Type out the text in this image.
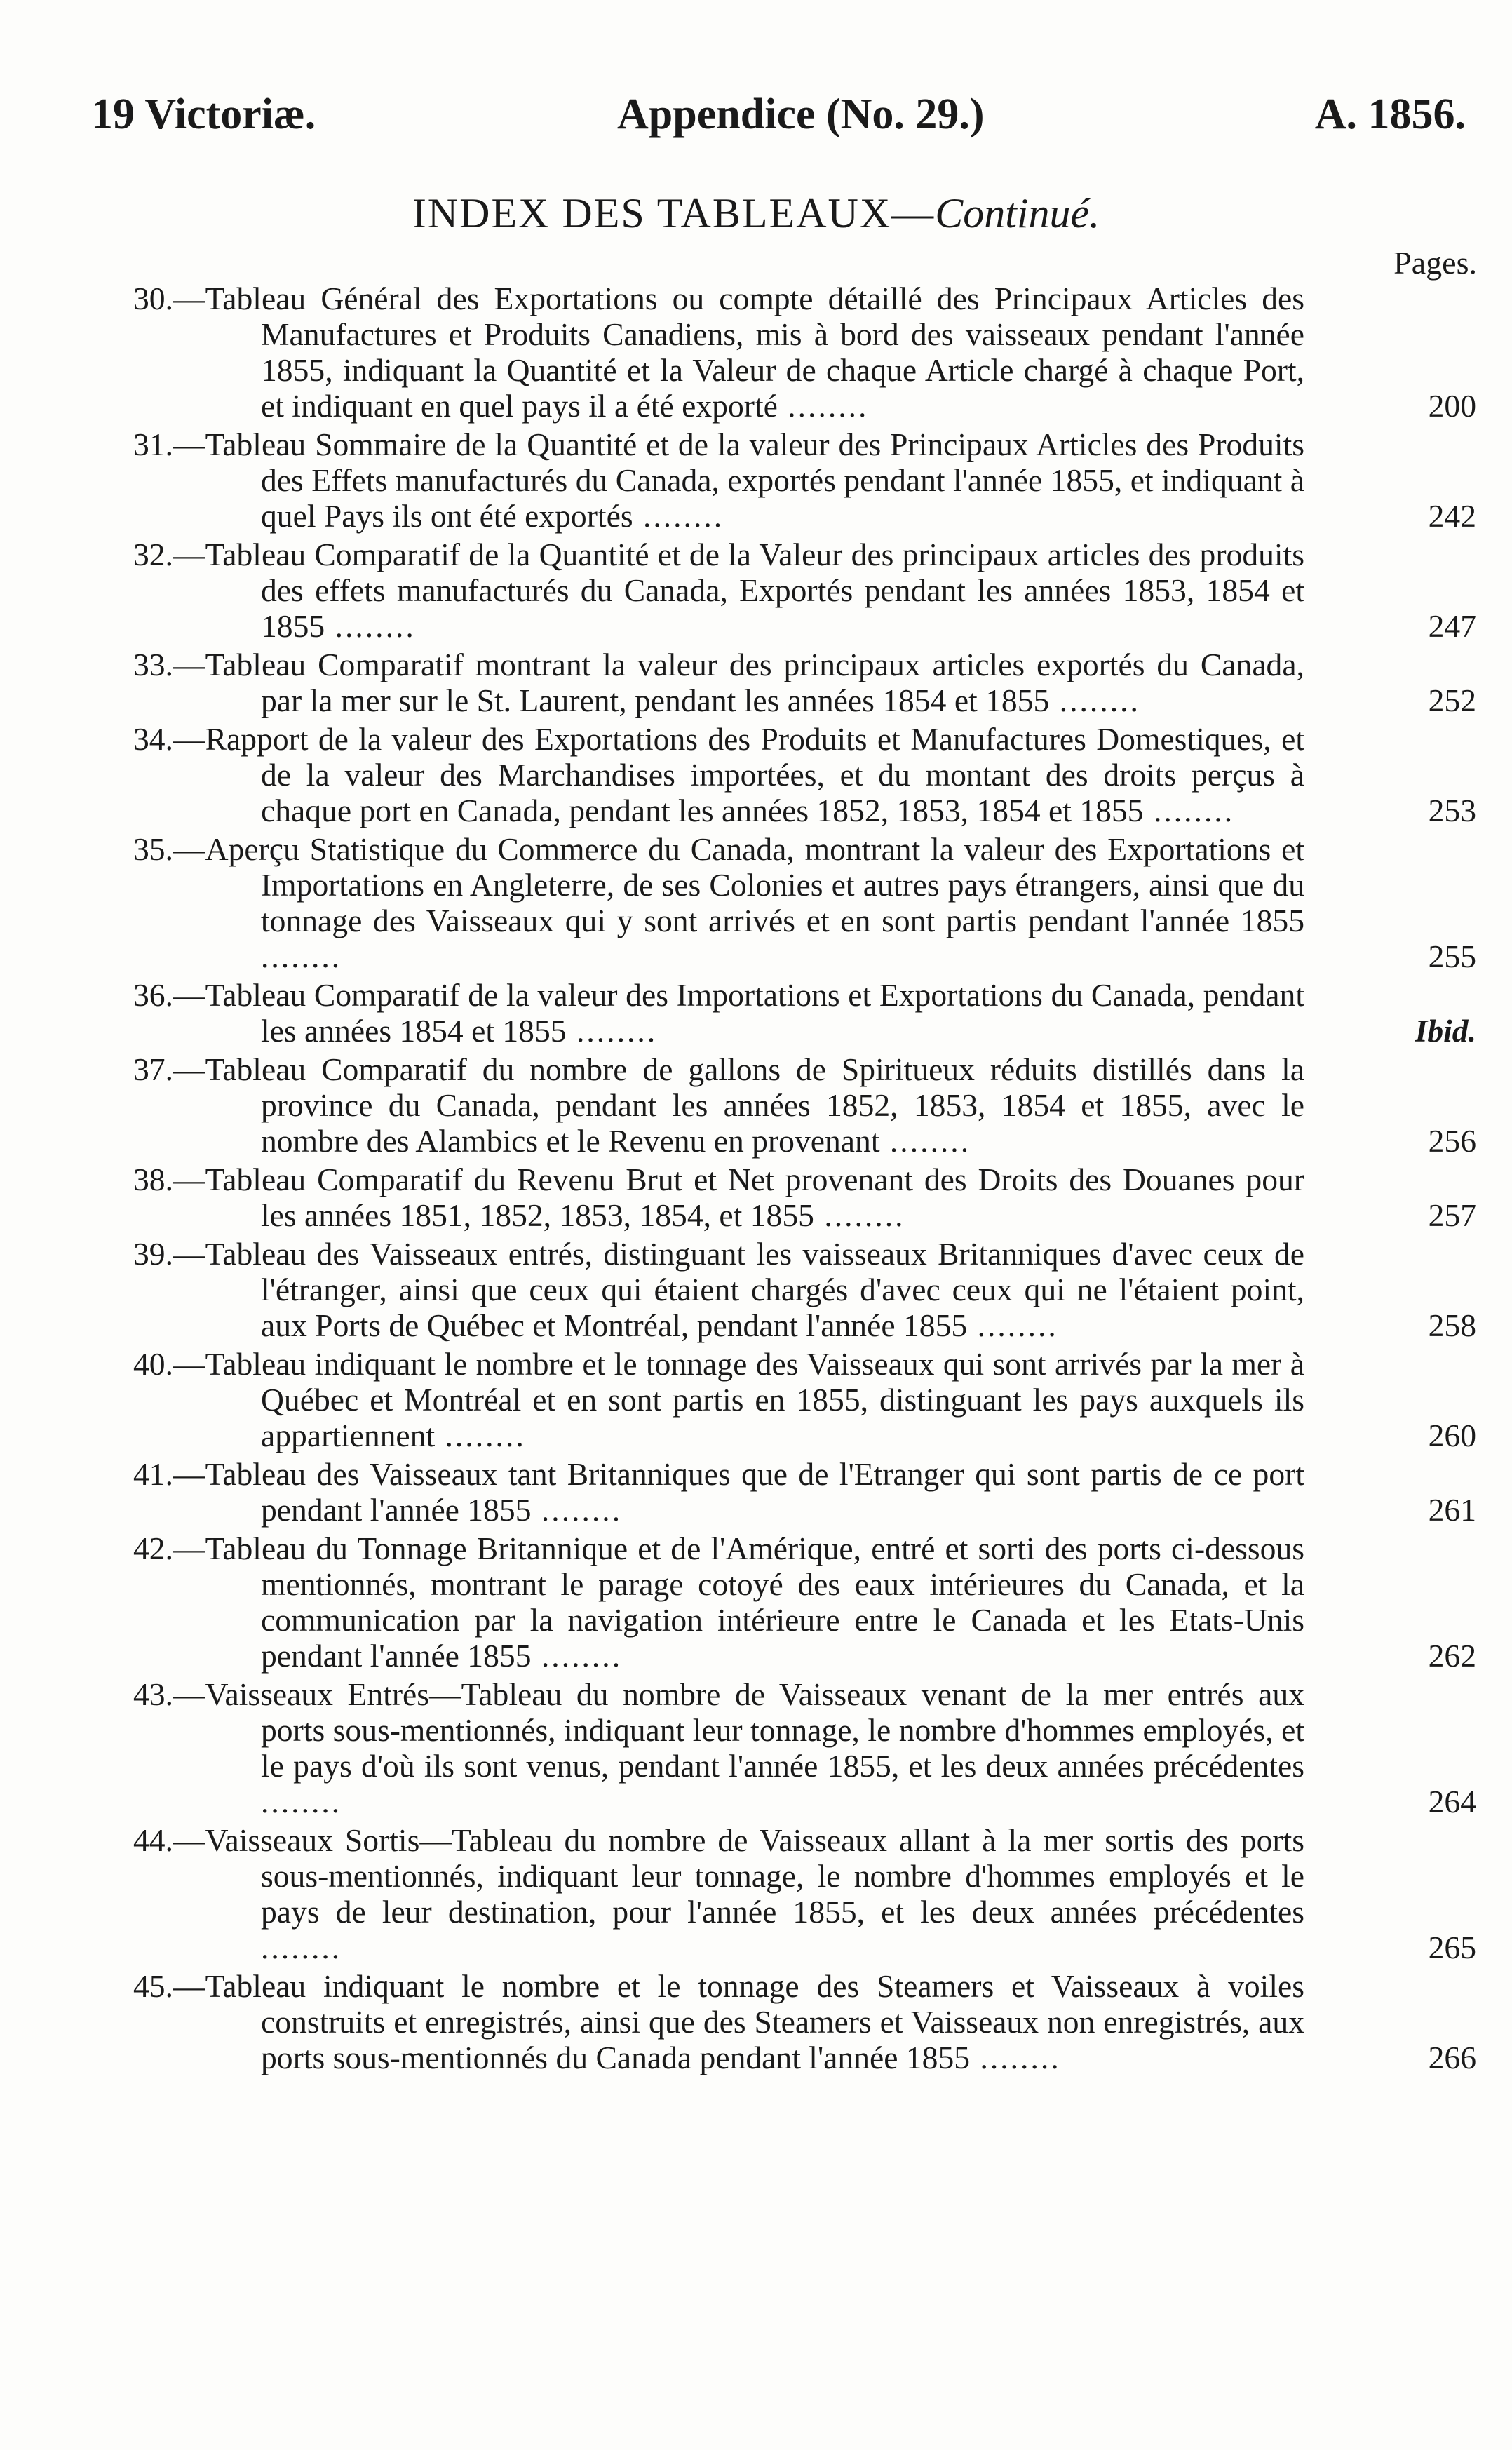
19 Victoriæ.	Appendice (No. 29.)	A. 1856.
INDEX DES TABLEAUX—Continué.
Pages.
30.—Tableau Général des Exportations ou compte détaillé des Principaux Articles des Manufactures et Produits Canadiens, mis à bord des vaisseaux pendant l'année 1855, indiquant la Quantité et la Valeur de chaque Article chargé à chaque Port, et indiquant en quel pays il a été exporté ........	200
31.—Tableau Sommaire de la Quantité et de la valeur des Principaux Articles des Produits des Effets manufacturés du Canada, exportés pendant l'année 1855, et indiquant à quel Pays ils ont été exportés ........	242
32.—Tableau Comparatif de la Quantité et de la Valeur des principaux articles des produits des effets manufacturés du Canada, Exportés pendant les années 1853, 1854 et 1855 ........	247
33.—Tableau Comparatif montrant la valeur des principaux articles exportés du Canada, par la mer sur le St. Laurent, pendant les années 1854 et 1855 ........	252
34.—Rapport de la valeur des Exportations des Produits et Manufactures Domestiques, et de la valeur des Marchandises importées, et du montant des droits perçus à chaque port en Canada, pendant les années 1852, 1853, 1854 et 1855 ........	253
35.—Aperçu Statistique du Commerce du Canada, montrant la valeur des Exportations et Importations en Angleterre, de ses Colonies et autres pays étrangers, ainsi que du tonnage des Vaisseaux qui y sont arrivés et en sont partis pendant l'année 1855 ........	255
36.—Tableau Comparatif de la valeur des Importations et Exportations du Canada, pendant les années 1854 et 1855 ........	Ibid.
37.—Tableau Comparatif du nombre de gallons de Spiritueux réduits distillés dans la province du Canada, pendant les années 1852, 1853, 1854 et 1855, avec le nombre des Alambics et le Revenu en provenant ........	256
38.—Tableau Comparatif du Revenu Brut et Net provenant des Droits des Douanes pour les années 1851, 1852, 1853, 1854, et 1855 ........	257
39.—Tableau des Vaisseaux entrés, distinguant les vaisseaux Britanniques d'avec ceux de l'étranger, ainsi que ceux qui étaient chargés d'avec ceux qui ne l'étaient point, aux Ports de Québec et Montréal, pendant l'année 1855 ........	258
40.—Tableau indiquant le nombre et le tonnage des Vaisseaux qui sont arrivés par la mer à Québec et Montréal et en sont partis en 1855, distinguant les pays auxquels ils appartiennent ........	260
41.—Tableau des Vaisseaux tant Britanniques que de l'Etranger qui sont partis de ce port pendant l'année 1855 ........	261
42.—Tableau du Tonnage Britannique et de l'Amérique, entré et sorti des ports ci-dessous mentionnés, montrant le parage cotoyé des eaux intérieures du Canada, et la communication par la navigation intérieure entre le Canada et les Etats-Unis pendant l'année 1855 ........	262
43.—Vaisseaux Entrés—Tableau du nombre de Vaisseaux venant de la mer entrés aux ports sous-mentionnés, indiquant leur tonnage, le nombre d'hommes employés, et le pays d'où ils sont venus, pendant l'année 1855, et les deux années précédentes ........	264
44.—Vaisseaux Sortis—Tableau du nombre de Vaisseaux allant à la mer sortis des ports sous-mentionnés, indiquant leur tonnage, le nombre d'hommes employés et le pays de leur destination, pour l'année 1855, et les deux années précédentes ........	265
45.—Tableau indiquant le nombre et le tonnage des Steamers et Vaisseaux à voiles construits et enregistrés, ainsi que des Steamers et Vaisseaux non enregistrés, aux ports sous-mentionnés du Canada pendant l'année 1855 ........	266
